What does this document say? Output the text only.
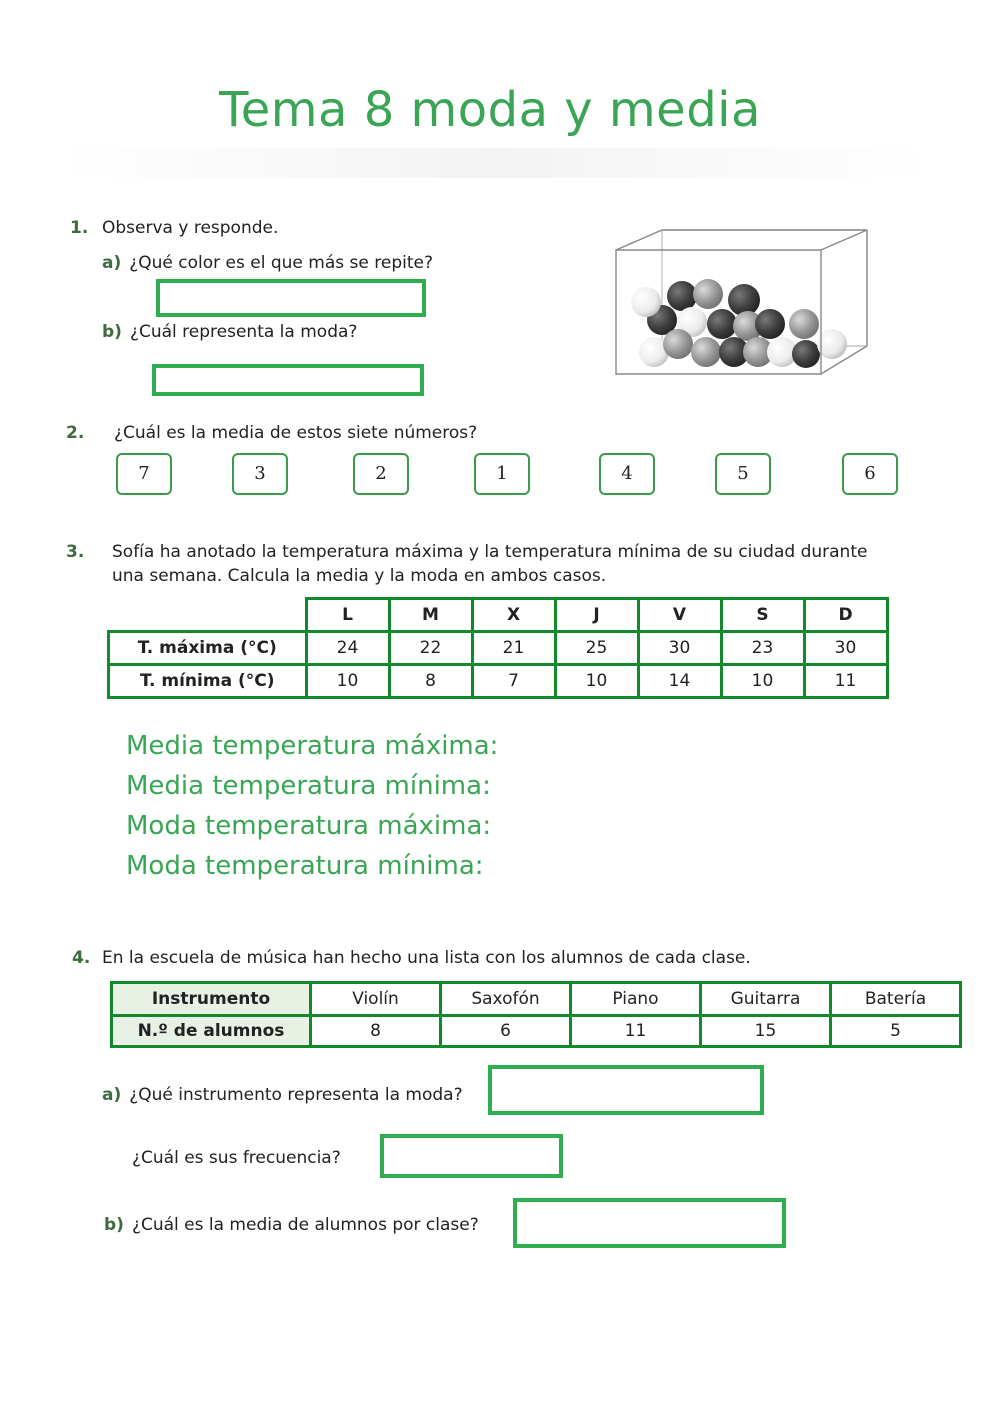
Tema 8 moda y media
1. Observa y responde.
a) ¿Qué color es el que más se repite?
b) ¿Cuál representa la moda?
2. ¿Cuál es la media de estos siete números?
7	3	2	1	4	5	6
3. Sofía ha anotado la temperatura máxima y la temperatura mínima de su ciudad durante
una semana. Calcula la media y la moda en ambos casos.
	L	M	X	J	V	S	D
T. máxima (°C)	24	22	21	25	30	23	30
T. mínima (°C)	10	8	7	10	14	10	11
Media temperatura máxima:
Media temperatura mínima:
Moda temperatura máxima:
Moda temperatura mínima:
4. En la escuela de música han hecho una lista con los alumnos de cada clase.
Instrumento	Violín	Saxofón	Piano	Guitarra	Batería
N.º de alumnos	8	6	11	15	5
a) ¿Qué instrumento representa la moda?
¿Cuál es sus frecuencia?
b) ¿Cuál es la media de alumnos por clase?
